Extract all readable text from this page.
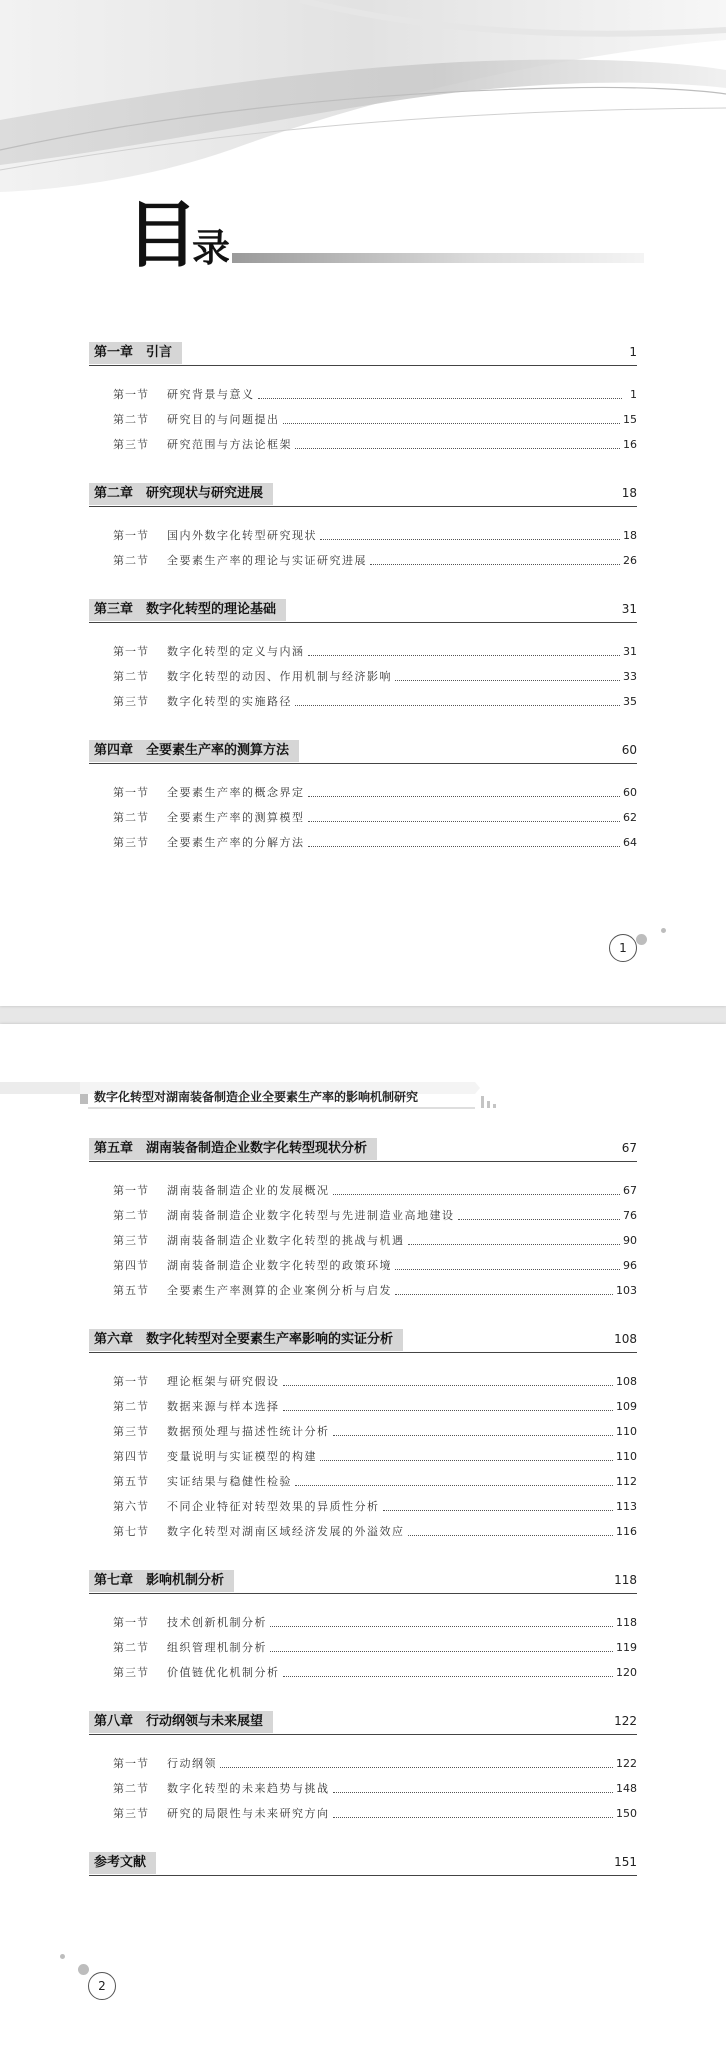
目
录
第一章　引言	1
第一节	研究背景与意义	1
第二节	研究目的与问题提出	15
第三节	研究范围与方法论框架	16
第二章　研究现状与研究进展	18
第一节	国内外数字化转型研究现状	18
第二节	全要素生产率的理论与实证研究进展	26
第三章　数字化转型的理论基础	31
第一节	数字化转型的定义与内涵	31
第二节	数字化转型的动因、作用机制与经济影响	33
第三节	数字化转型的实施路径	35
第四章　全要素生产率的测算方法	60
第一节	全要素生产率的概念界定	60
第二节	全要素生产率的测算模型	62
第三节	全要素生产率的分解方法	64
1
数字化转型对湖南装备制造企业全要素生产率的影响机制研究
第五章　湖南装备制造企业数字化转型现状分析	67
第一节	湖南装备制造企业的发展概况	67
第二节	湖南装备制造企业数字化转型与先进制造业高地建设	76
第三节	湖南装备制造企业数字化转型的挑战与机遇	90
第四节	湖南装备制造企业数字化转型的政策环境	96
第五节	全要素生产率测算的企业案例分析与启发	103
第六章　数字化转型对全要素生产率影响的实证分析	108
第一节	理论框架与研究假设	108
第二节	数据来源与样本选择	109
第三节	数据预处理与描述性统计分析	110
第四节	变量说明与实证模型的构建	110
第五节	实证结果与稳健性检验	112
第六节	不同企业特征对转型效果的异质性分析	113
第七节	数字化转型对湖南区域经济发展的外溢效应	116
第七章　影响机制分析	118
第一节	技术创新机制分析	118
第二节	组织管理机制分析	119
第三节	价值链优化机制分析	120
第八章　行动纲领与未来展望	122
第一节	行动纲领	122
第二节	数字化转型的未来趋势与挑战	148
第三节	研究的局限性与未来研究方向	150
参考文献	151
2
